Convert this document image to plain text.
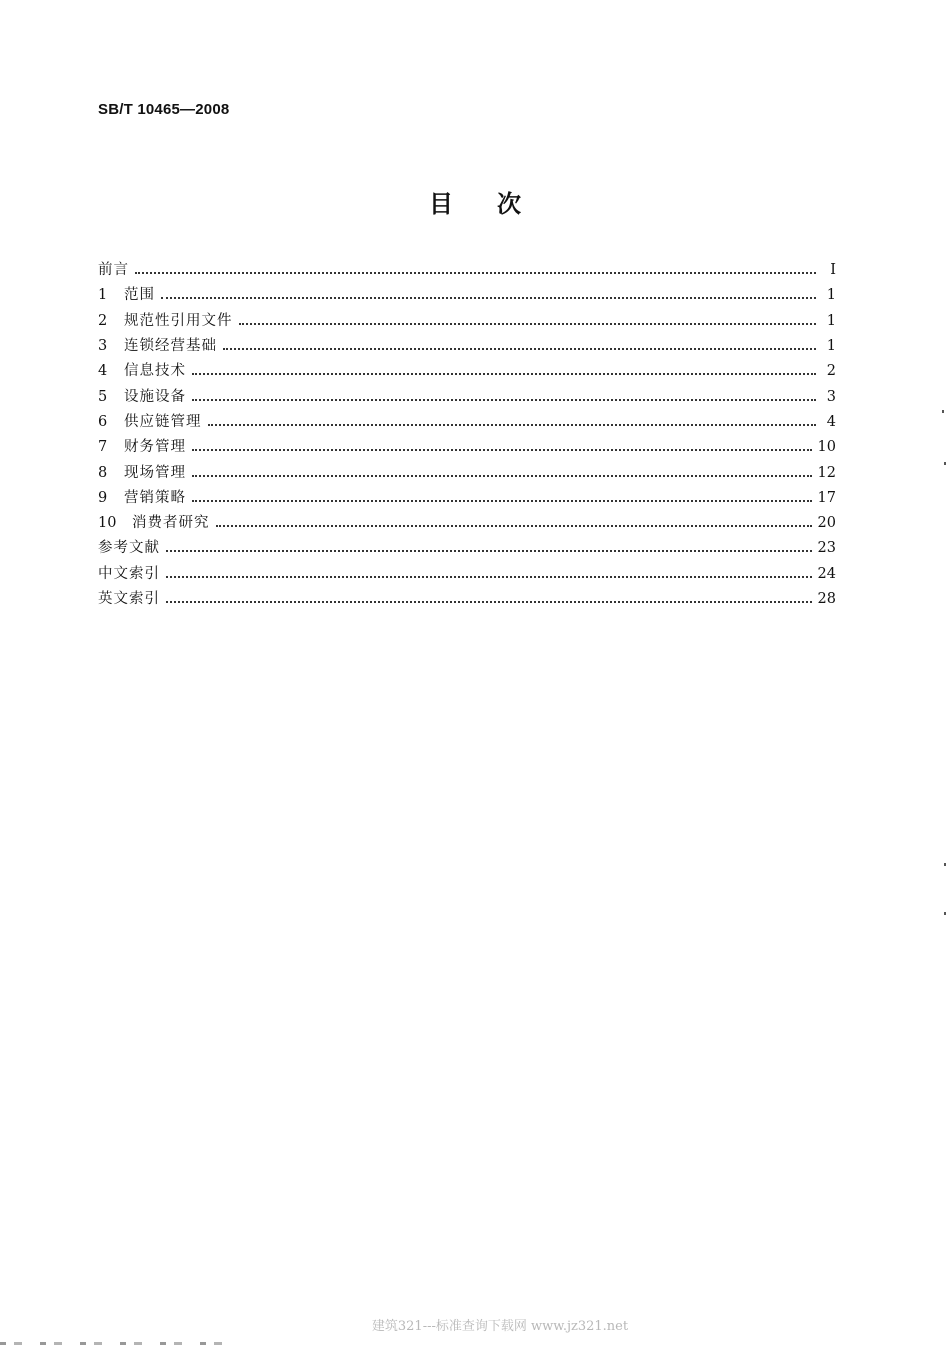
SB/T 10465—2008
目次
前言	I
1	范围	1
2	规范性引用文件	1
3	连锁经营基础	1
4	信息技术	2
5	设施设备	3
6	供应链管理	4
7	财务管理	10
8	现场管理	12
9	营销策略	17
10	消费者研究	20
参考文献	23
中文索引	24
英文索引	28
建筑321---标准查询下载网 www.jz321.net
